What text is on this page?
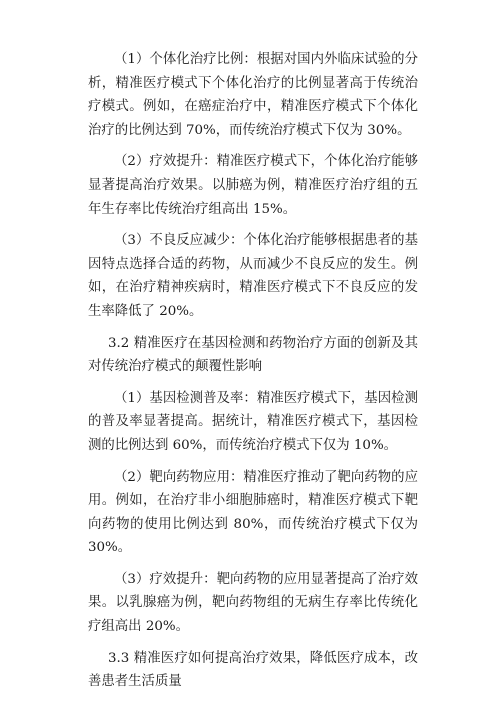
（1）个体化治疗比例：根据对国内外临床试验的分析，精准医疗模式下个体化治疗的比例显著高于传统治疗模式。例如，在癌症治疗中，精准医疗模式下个体化治疗的比例达到 70%，而传统治疗模式下仅为 30%。

（2）疗效提升：精准医疗模式下，个体化治疗能够显著提高治疗效果。以肺癌为例，精准医疗治疗组的五年生存率比传统治疗组高出 15%。

（3）不良反应减少：个体化治疗能够根据患者的基因特点选择合适的药物，从而减少不良反应的发生。例如，在治疗精神疾病时，精准医疗模式下不良反应的发生率降低了 20%。

3.2 精准医疗在基因检测和药物治疗方面的创新及其对传统治疗模式的颠覆性影响

（1）基因检测普及率：精准医疗模式下，基因检测的普及率显著提高。据统计，精准医疗模式下，基因检测的比例达到 60%，而传统治疗模式下仅为 10%。

（2）靶向药物应用：精准医疗推动了靶向药物的应用。例如，在治疗非小细胞肺癌时，精准医疗模式下靶向药物的使用比例达到 80%，而传统治疗模式下仅为 30%。

（3）疗效提升：靶向药物的应用显著提高了治疗效果。以乳腺癌为例，靶向药物组的无病生存率比传统化疗组高出 20%。

3.3 精准医疗如何提高治疗效果，降低医疗成本，改善患者生活质量
